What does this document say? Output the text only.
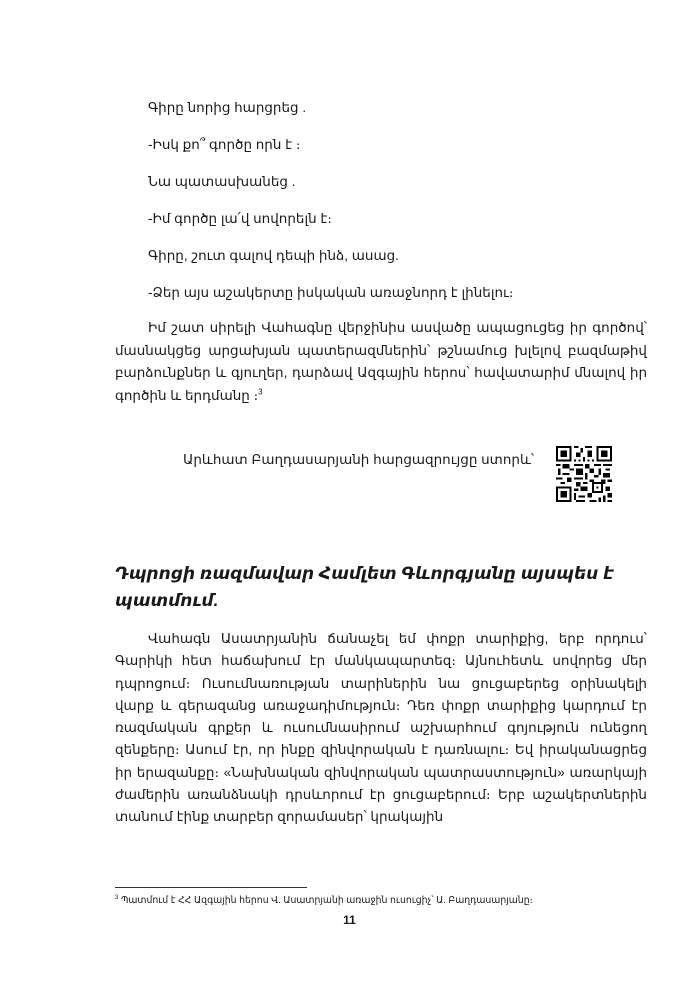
Գիրը նորից հարցրեց .
-Իսկ քո՞ գործը որն է ։
Նա պատասխանեց .
-Իմ գործը լա՛վ սովորելն է։
Գիրը, շուտ գալով դեպի ինձ, ասաց.
-Ձեր այս աշակերտը իսկական առաջնորդ է լինելու։

Իմ շատ սիրելի Վահագնը վերջինիս ասվածը ապացուցեց իր գործով՝ մասնակցեց արցախյան պատերազմներին՝ թշնամուց խլելով բազմաթիվ բարձունքներ և գյուղեր, դարձավ Ազգային հերոս՝ հավատարիմ մնալով իր գործին և երդմանը ։$^3$

Արևհատ Բաղդասարյանի հարցազրույցը ստորև՝
Դպրոցի ռազմավար Համլետ Գևորգյանը այսպես է պատմում.

Վահագն Ասատրյանին ճանաչել եմ փոքր տարիքից, երբ որդուս՝ Գարիկի հետ հաճախում էր մանկապարտեզ։ Այնուհետև սովորեց մեր դպրոցում։ Ուսումնառության տարիներին նա ցուցաբերեց օրինակելի վարք և գերազանց առաջադիմություն։ Դեռ փոքր տարիքից կարդում էր ռազմական գրքեր և ուսումնասիրում աշխարհում գոյություն ունեցող զենքերը։ Ասում էր, որ ինքը զինվորական է դառնալու։ Եվ իրականացրեց իր երազանքը։ «Նախնական զինվորական պատրաստություն» առարկայի ժամերին առանձնակի դրսևորում էր ցուցաբերում։ Երբ աշակերտներին տանում էինք տարբեր զորամասեր՝ կրակային

$^3$ Պատմում է ՀՀ Ազգային հերոս Վ. Ասատրյանի առաջին ուսուցիչ՝ Ա. Բաղդասարյանը։
11
